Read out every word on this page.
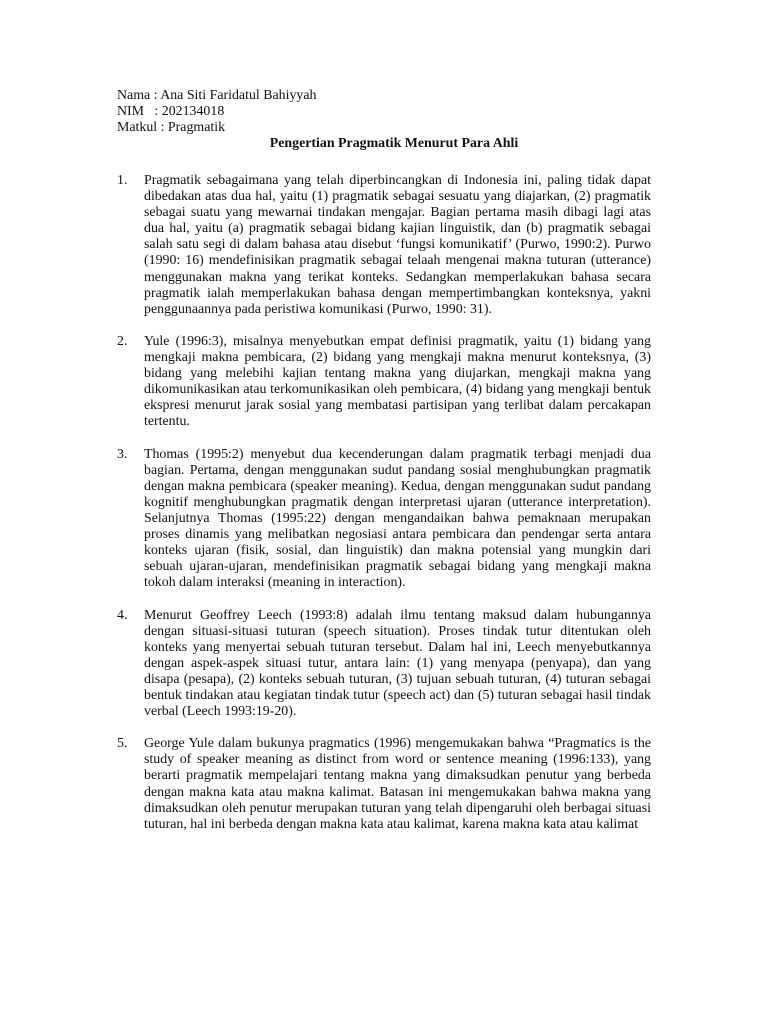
Nama : Ana Siti Faridatul Bahiyyah
NIM   : 202134018
Matkul : Pragmatik
Pengertian Pragmatik Menurut Para Ahli
1. Pragmatik sebagaimana yang telah diperbincangkan di Indonesia ini, paling tidak dapat dibedakan atas dua hal, yaitu (1) pragmatik sebagai sesuatu yang diajarkan, (2) pragmatik sebagai suatu yang mewarnai tindakan mengajar. Bagian pertama masih dibagi lagi atas dua hal, yaitu (a) pragmatik sebagai bidang kajian linguistik, dan (b) pragmatik sebagai salah satu segi di dalam bahasa atau disebut ‘fungsi komunikatif’ (Purwo, 1990:2). Purwo (1990: 16) mendefinisikan pragmatik sebagai telaah mengenai makna tuturan (utterance) menggunakan makna yang terikat konteks. Sedangkan memperlakukan bahasa secara pragmatik ialah memperlakukan bahasa dengan mempertimbangkan konteksnya, yakni penggunaannya pada peristiwa komunikasi (Purwo, 1990: 31).
2. Yule (1996:3), misalnya menyebutkan empat definisi pragmatik, yaitu (1) bidang yang mengkaji makna pembicara, (2) bidang yang mengkaji makna menurut konteksnya, (3) bidang yang melebihi kajian tentang makna yang diujarkan, mengkaji makna yang dikomunikasikan atau terkomunikasikan oleh pembicara, (4) bidang yang mengkaji bentuk ekspresi menurut jarak sosial yang membatasi partisipan yang terlibat dalam percakapan tertentu.
3. Thomas (1995:2) menyebut dua kecenderungan dalam pragmatik terbagi menjadi dua bagian. Pertama, dengan menggunakan sudut pandang sosial menghubungkan pragmatik dengan makna pembicara (speaker meaning). Kedua, dengan menggunakan sudut pandang kognitif menghubungkan pragmatik dengan interpretasi ujaran (utterance interpretation). Selanjutnya Thomas (1995:22) dengan mengandaikan bahwa pemaknaan merupakan proses dinamis yang melibatkan negosiasi antara pembicara dan pendengar serta antara konteks ujaran (fisik, sosial, dan linguistik) dan makna potensial yang mungkin dari sebuah ujaran-ujaran, mendefinisikan pragmatik sebagai bidang yang mengkaji makna tokoh dalam interaksi (meaning in interaction).
4. Menurut Geoffrey Leech (1993:8) adalah ilmu tentang maksud dalam hubungannya dengan situasi-situasi tuturan (speech situation). Proses tindak tutur ditentukan oleh konteks yang menyertai sebuah tuturan tersebut. Dalam hal ini, Leech menyebutkannya dengan aspek-aspek situasi tutur, antara lain: (1) yang menyapa (penyapa), dan yang disapa (pesapa), (2) konteks sebuah tuturan, (3) tujuan sebuah tuturan, (4) tuturan sebagai bentuk tindakan atau kegiatan tindak tutur (speech act) dan (5) tuturan sebagai hasil tindak verbal (Leech 1993:19-20).
5. George Yule dalam bukunya pragmatics (1996) mengemukakan bahwa “Pragmatics is the study of speaker meaning as distinct from word or sentence meaning (1996:133), yang berarti pragmatik mempelajari tentang makna yang dimaksudkan penutur yang berbeda dengan makna kata atau makna kalimat. Batasan ini mengemukakan bahwa makna yang dimaksudkan oleh penutur merupakan tuturan yang telah dipengaruhi oleh berbagai situasi tuturan, hal ini berbeda dengan makna kata atau kalimat, karena makna kata atau kalimat
